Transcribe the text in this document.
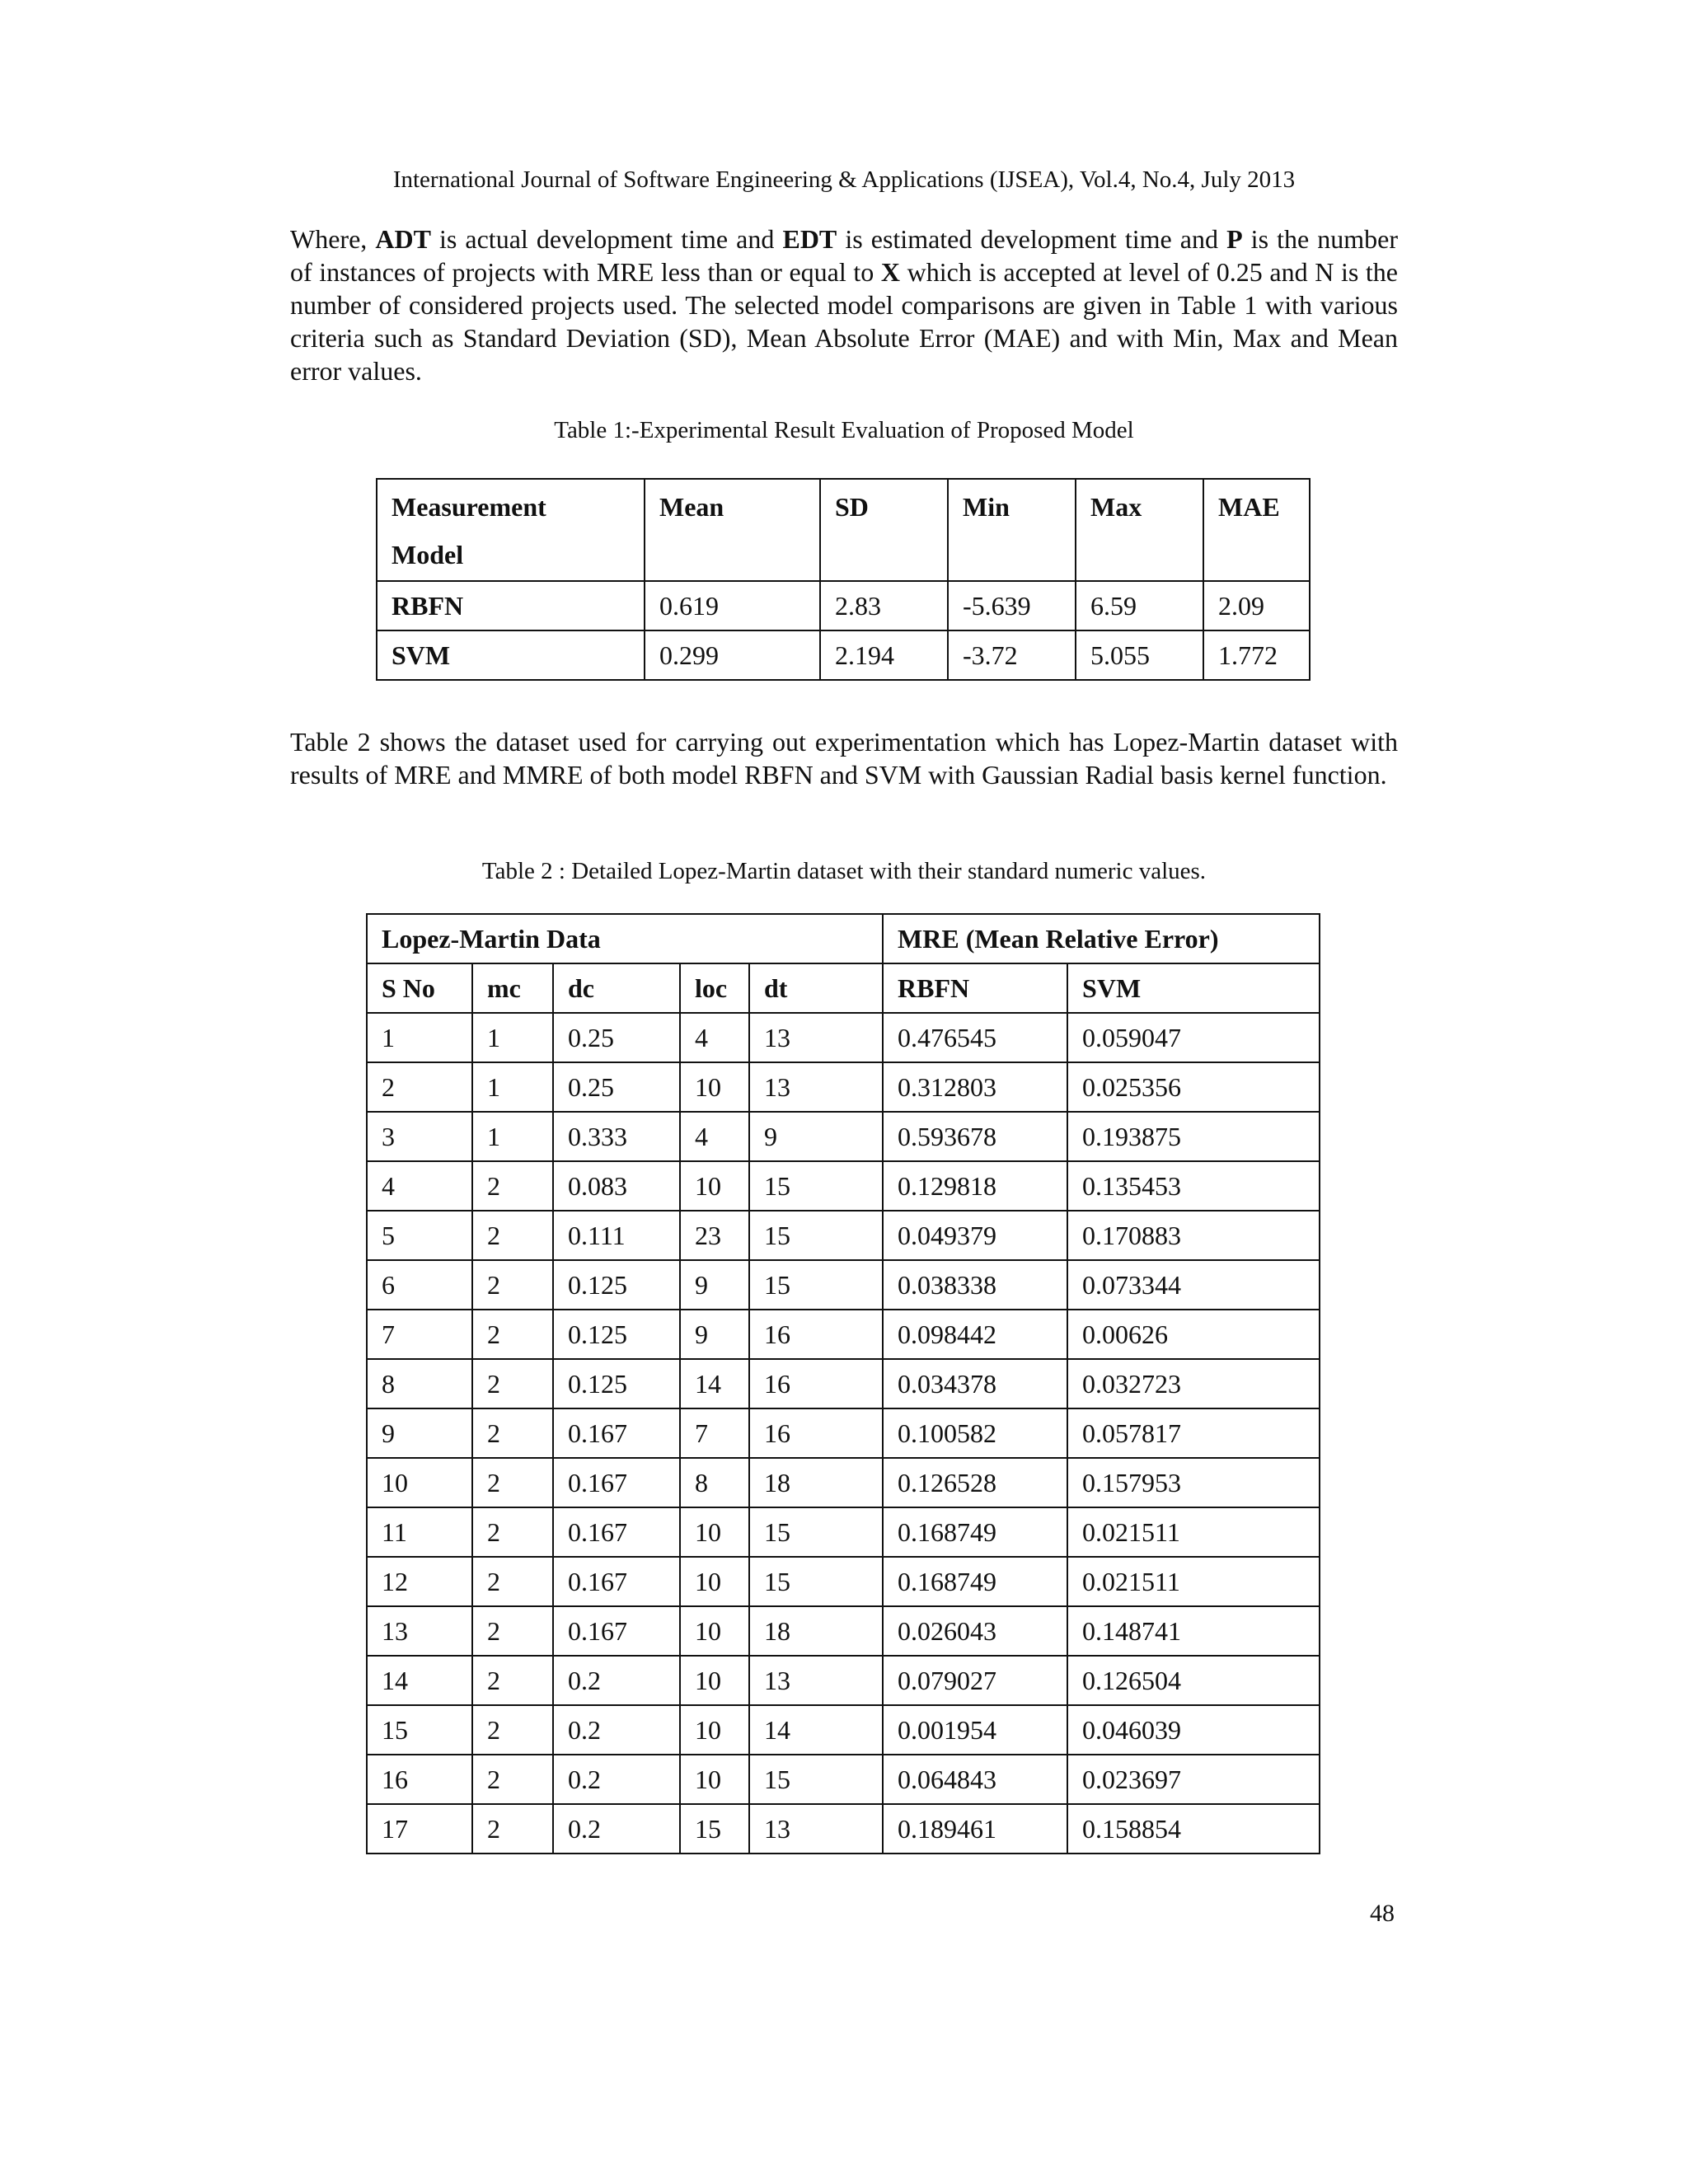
International Journal of Software Engineering & Applications (IJSEA), Vol.4, No.4, July 2013

Where, ADT is actual development time and EDT is estimated development time and P is the number of instances of projects with MRE less than or equal to X which is accepted at level of 0.25 and N is the number of considered projects used. The selected model comparisons are given in Table 1 with various criteria such as Standard Deviation (SD), Mean Absolute Error (MAE) and with Min, Max and Mean error values.

Table 1:-Experimental Result Evaluation of Proposed Model
Measurement
Model	Mean	SD	Min	Max	MAE
RBFN	0.619	2.83	-5.639	6.59	2.09
SVM	0.299	2.194	-3.72	5.055	1.772

Table 2 shows the dataset used for carrying out experimentation which has Lopez-Martin dataset with results of MRE and MMRE of both model RBFN and SVM with Gaussian Radial basis kernel function.

Table 2 : Detailed Lopez-Martin dataset with their standard numeric values.
Lopez-Martin Data					MRE (Mean Relative Error)	
S No	mc	dc	loc	dt	RBFN	SVM
1	1	0.25	4	13	0.476545	0.059047
2	1	0.25	10	13	0.312803	0.025356
3	1	0.333	4	9	0.593678	0.193875
4	2	0.083	10	15	0.129818	0.135453
5	2	0.111	23	15	0.049379	0.170883
6	2	0.125	9	15	0.038338	0.073344
7	2	0.125	9	16	0.098442	0.00626
8	2	0.125	14	16	0.034378	0.032723
9	2	0.167	7	16	0.100582	0.057817
10	2	0.167	8	18	0.126528	0.157953
11	2	0.167	10	15	0.168749	0.021511
12	2	0.167	10	15	0.168749	0.021511
13	2	0.167	10	18	0.026043	0.148741
14	2	0.2	10	13	0.079027	0.126504
15	2	0.2	10	14	0.001954	0.046039
16	2	0.2	10	15	0.064843	0.023697
17	2	0.2	15	13	0.189461	0.158854
48
